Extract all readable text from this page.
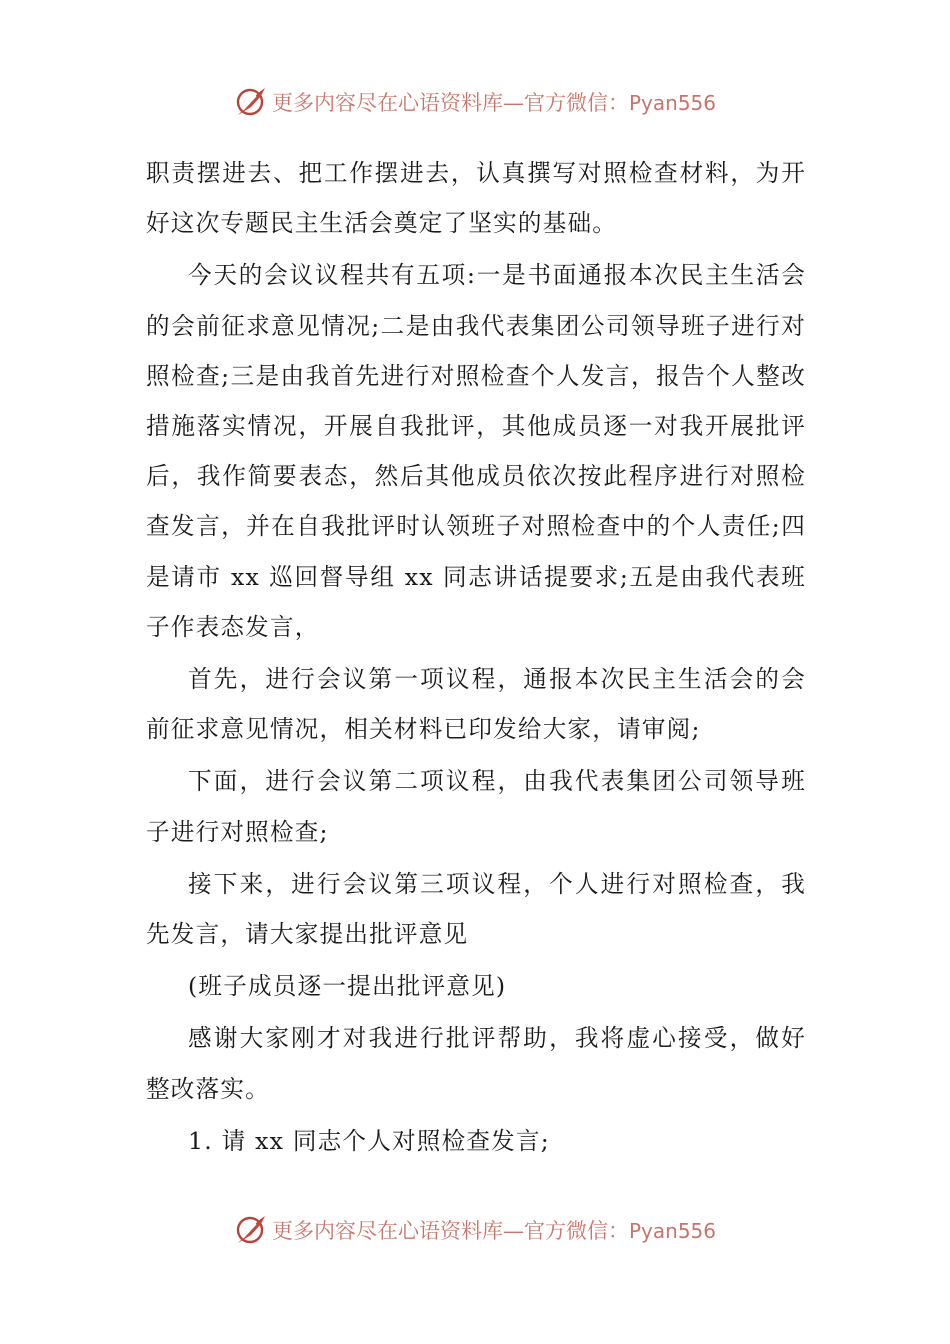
更多内容尽在心语资料库—官方微信：Pyan556

职责摆进去、把工作摆进去，认真撰写对照检查材料，为开好这次专题民主生活会奠定了坚实的基础。

今天的会议议程共有五项:一是书面通报本次民主生活会的会前征求意见情况;二是由我代表集团公司领导班子进行对照检查;三是由我首先进行对照检查个人发言，报告个人整改措施落实情况，开展自我批评，其他成员逐一对我开展批评后，我作简要表态，然后其他成员依次按此程序进行对照检查发言，并在自我批评时认领班子对照检查中的个人责任;四是请市 xx 巡回督导组 xx 同志讲话提要求;五是由我代表班子作表态发言，

首先，进行会议第一项议程，通报本次民主生活会的会前征求意见情况，相关材料已印发给大家，请审阅;

下面，进行会议第二项议程，由我代表集团公司领导班子进行对照检查;

接下来，进行会议第三项议程，个人进行对照检查，我先发言，请大家提出批评意见

(班子成员逐一提出批评意见)

感谢大家刚才对我进行批评帮助，我将虚心接受，做好整改落实。

1. 请 xx 同志个人对照检查发言;

更多内容尽在心语资料库—官方微信：Pyan556
